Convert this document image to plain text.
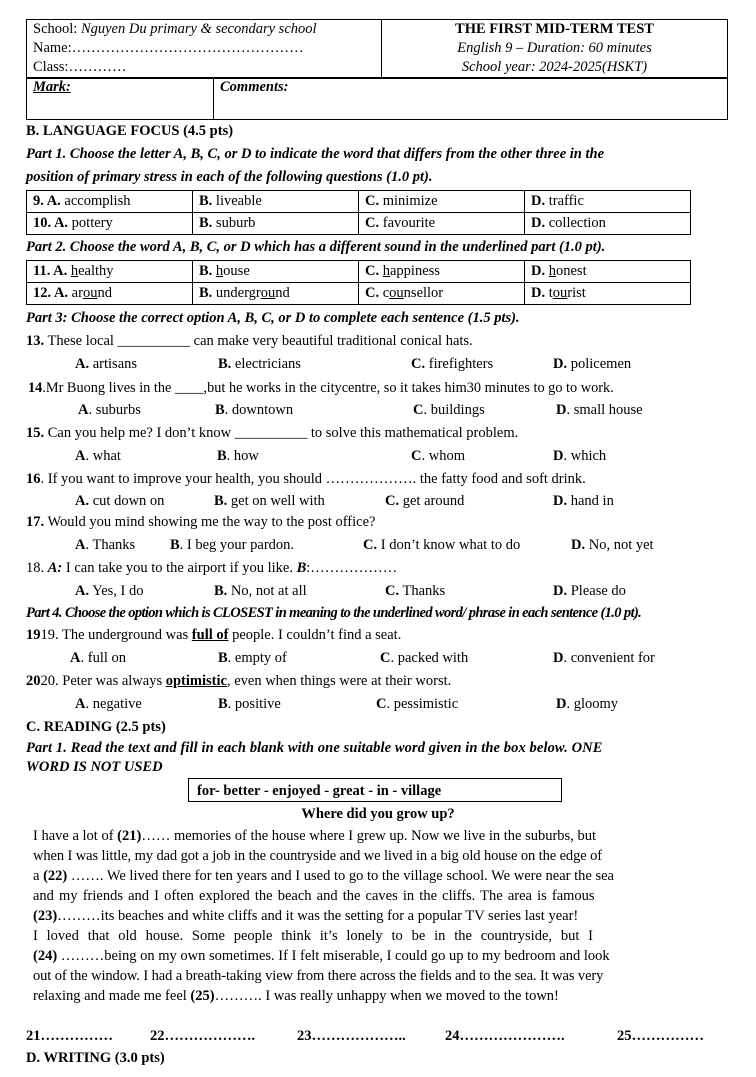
School: Nguyen Du primary & secondary school
Name:…………………………………………
Class:…………

THE FIRST MID-TERM TEST
English 9 – Duration: 60 minutes
School year: 2024-2025(HSKT)
Mark:	Comments:
B. LANGUAGE FOCUS (4.5 pts)
Part 1. Choose the letter A, B, C, or D to indicate the word that differs from the other three in the
position of primary stress in each of the following questions (1.0 pt).
9. A. accomplish	B. liveable	C. minimize	D. traffic
10. A. pottery	B. suburb	C. favourite	D. collection
Part 2. Choose the word A, B, C, or D which has a different sound in the underlined part (1.0 pt).
11. A. healthy	B. house	C. happiness	D. honest
12. A. around	B. underground	C. counsellor	D. tourist
Part 3: Choose the correct option A, B, C, or D to complete each sentence (1.5 pts).
13. These local __________ can make very beautiful traditional conical hats.
A. artisans	B. electricians	C. firefighters	D. policemen
14.Mr Buong lives in the ____,but he works in the citycentre, so it takes him30 minutes to go to work.
A. suburbs	B. downtown	C. buildings	D. small house
15. Can you help me? I don’t know __________ to solve this mathematical problem.
A. what	B. how	C. whom	D. which
16. If you want to improve your health, you should ………………. the fatty food and soft drink.
A. cut down on	B. get on well with	C. get around	D. hand in
17. Would you mind showing me the way to the post office?
A. Thanks B. I beg your pardon.	C. I don’t know what to do	D. No, not yet
18. A: I can take you to the airport if you like. B:………………
A. Yes, I do	B. No, not at all	C. Thanks	D. Please do
Part 4. Choose the option which is CLOSEST in meaning to the underlined word/ phrase in each sentence (1.0 pt).
1919. The underground was full of people. I couldn’t find a seat.
A. full on	B. empty of	C. packed with	D. convenient for
2020. Peter was always optimistic, even when things were at their worst.
A. negative	B. positive	C. pessimistic	D. gloomy
C. READING (2.5 pts)
Part 1. Read the text and fill in each blank with one suitable word given in the box below. ONE
WORD IS NOT USED
for- better - enjoyed - great - in - village
Where did you grow up?
I have a lot of (21)…… memories of the house where I grew up. Now we live in the suburbs, but
when I was little, my dad got a job in the countryside and we lived in a big old house on the edge of
a (22) ……. We lived there for ten years and I used to go to the village school. We were near the sea
and my friends and I often explored the beach and the caves in the cliffs. The area is famous
(23)………its beaches and white cliffs and it was the setting for a popular TV series last year!
I loved that old house. Some people think it’s lonely to be in the countryside, but I
(24) ………being on my own sometimes. If I felt miserable, I could go up to my bedroom and look
out of the window. I had a breath-taking view from there across the fields and to the sea. It was very
relaxing and made me feel (25)………. I was really unhappy when we moved to the town!
21……………	22……………….	23………………..	24………………….	25……………
D. WRITING (3.0 pts)
